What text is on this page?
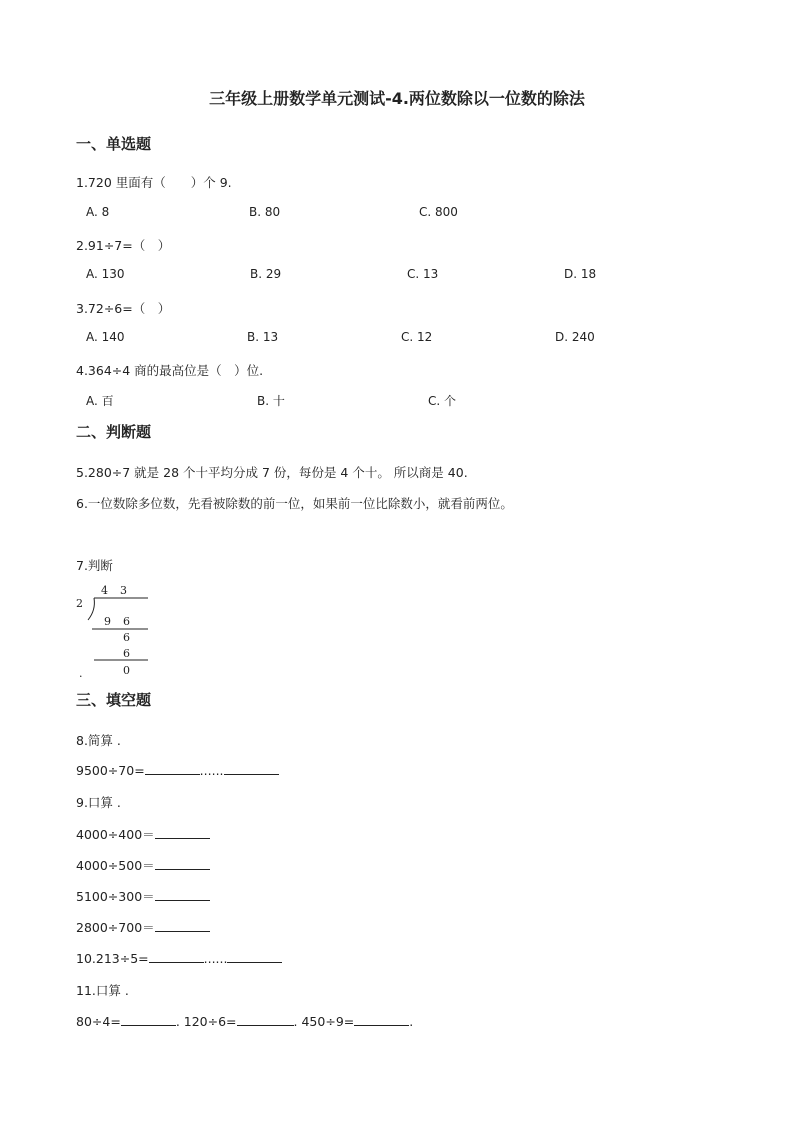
三年级上册数学单元测试-4.两位数除以一位数的除法
一、单选题
1.720 里面有（　　）个 9.
A. 8	B. 80	C. 800
2.91÷7=（　）
A. 130	B. 29	C. 13	D. 18
3.72÷6=（　）
A. 140	B. 13	C. 12	D. 240
4.364÷4 商的最高位是（　）位.
A. 百	B. 十	C. 个
二、判断题
5.280÷7 就是 28 个十平均分成 7 份，每份是 4 个十。 所以商是 40.
6.一位数除多位数，先看被除数的前一位，如果前一位比除数小，就看前两位。
7.判断
4 3
2
9 6
6
6
0
.
三、填空题
8.简算 .
9500÷70=	......
9.口算 .
4000÷400＝
4000÷500＝
5100÷300＝
2800÷700＝
10.213÷5=	......
11.口算 .
80÷4=	. 120÷6=	. 450÷9=	.
